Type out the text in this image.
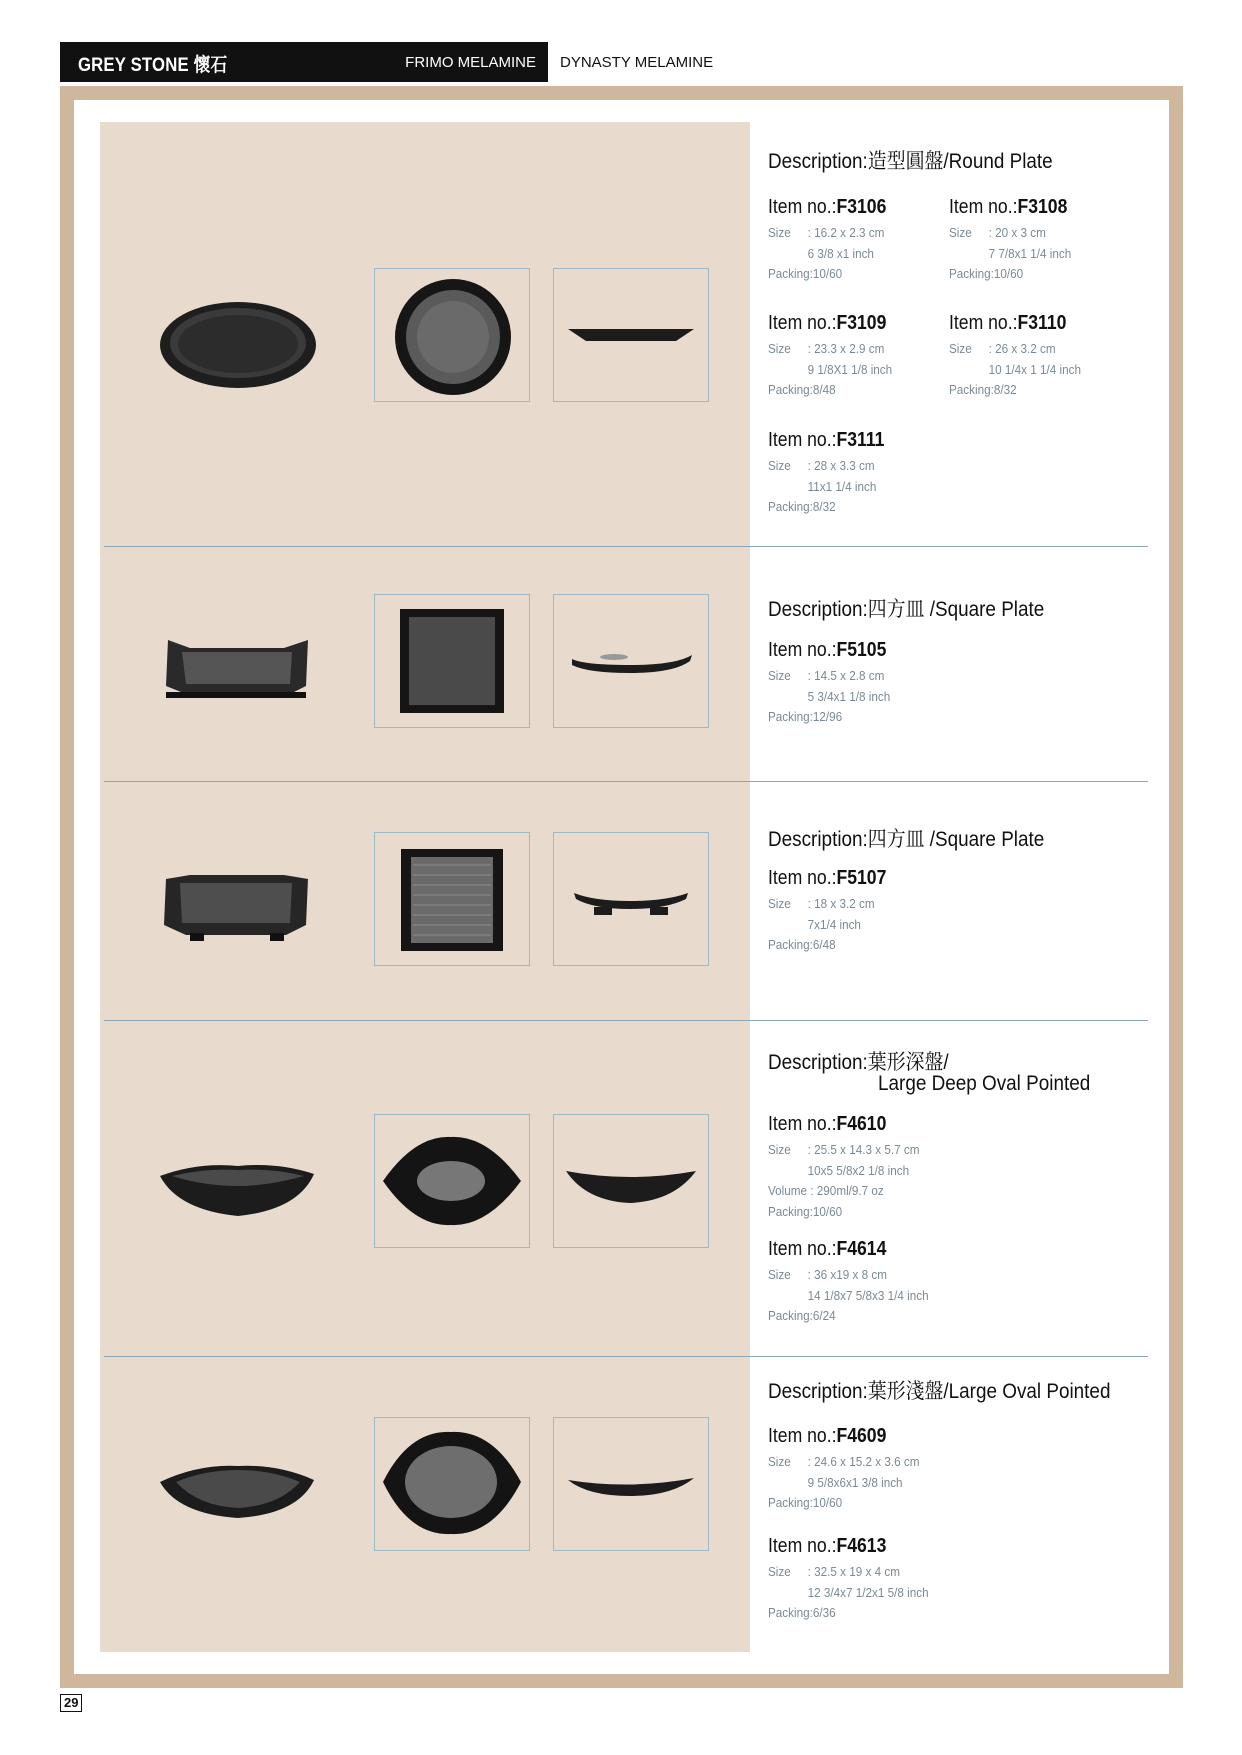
GREY STONE 懷石	FRIMO MELAMINE DYNASTY MELAMINE
Description:造型圓盤/Round Plate
Item no.:F3106
Size : 16.2 x 2.3 cm
6 3/8 x1 inch
Packing:10/60
Item no.:F3108
Size : 20 x 3 cm
7 7/8x1 1/4 inch
Packing:10/60
Item no.:F3109
Size : 23.3 x 2.9 cm
9 1/8X1 1/8 inch
Packing:8/48
Item no.:F3110
Size : 26 x 3.2 cm
10 1/4x 1 1/4 inch
Packing:8/32
Item no.:F3111
Size : 28 x 3.3 cm
11x1 1/4 inch
Packing:8/32
Description:四方皿 /Square Plate
Item no.:F5105
Size : 14.5 x 2.8 cm
5 3/4x1 1/8 inch
Packing:12/96
Description:四方皿 /Square Plate
Item no.:F5107
Size : 18 x 3.2 cm
7x1/4 inch
Packing:6/48
Description:葉形深盤/
Large Deep Oval Pointed
Item no.:F4610
Size : 25.5 x 14.3 x 5.7 cm
10x5 5/8x2 1/8 inch
Volume : 290ml/9.7 oz
Packing:10/60
Item no.:F4614
Size : 36 x19 x 8 cm
14 1/8x7 5/8x3 1/4 inch
Packing:6/24
Description:葉形淺盤/Large Oval Pointed
Item no.:F4609
Size : 24.6 x 15.2 x 3.6 cm
9 5/8x6x1 3/8 inch
Packing:10/60
Item no.:F4613
Size : 32.5 x 19 x 4 cm
12 3/4x7 1/2x1 5/8 inch
Packing:6/36
29
